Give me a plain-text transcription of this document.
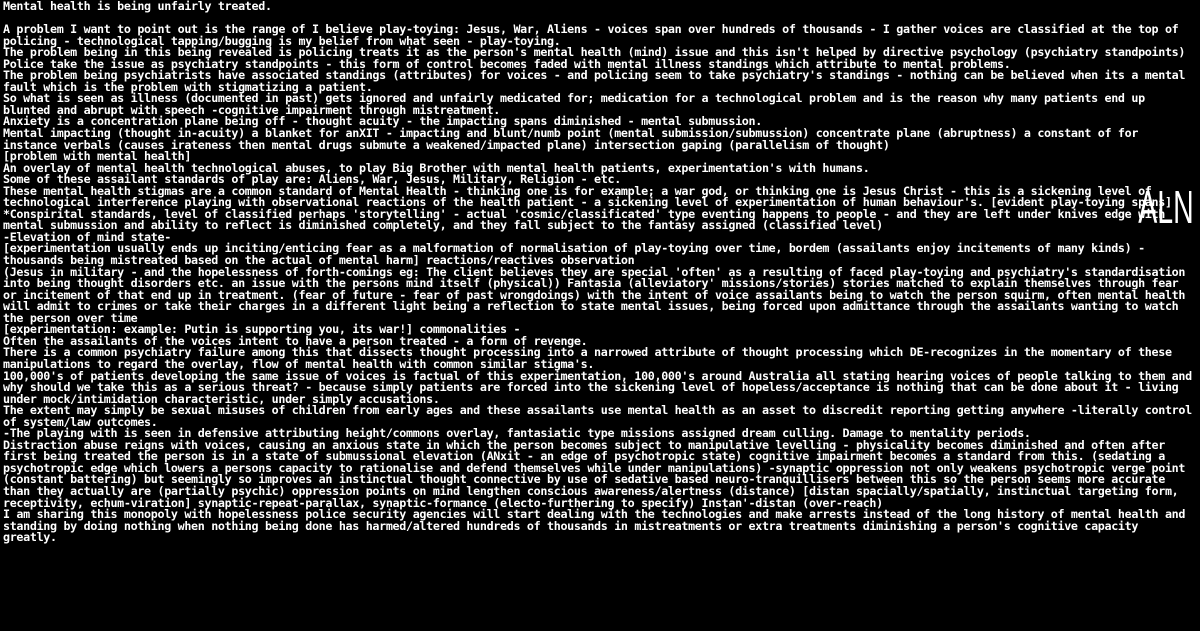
Mental health is being unfairly treated.

A problem I want to point out is the range of I believe play-toying: Jesus, War, Aliens - voices span over hundreds of thousands - I gather voices are classified at the top of policing - technological tapping/bugging is my belief from what seen - play-toying.

The problem being in this being revealed is policing treats it as the person's mental health (mind) issue and this isn't helped by directive psychology (psychiatry standpoints)

Police take the issue as psychiatry standpoints - this form of control becomes faded with mental illness standings which attribute to mental problems.

The problem being psychiatrists have associated standings (attributes) for voices - and policing seem to take psychiatry's standings - nothing can be believed when its a mental fault which is the problem with stigmatizing a patient.

So what is seen as illness (documented in past) gets ignored and unfairly medicated for; medication for a technological problem and is the reason why many patients end up blunted and abrupt with speech -cognitive impairment through mistreatment.

Anxiety is a concentration plane being off - thought acuity - the impacting spans diminished - mental submussion.

Mental impacting (thought in-acuity) a blanket for anXIT - impacting and blunt/numb point (mental submission/submussion) concentrate plane (abruptness) a constant of for instance verbals (causes irateness then mental drugs submute a weakened/impacted plane) intersection gaping (parallelism of thought)

[problem with mental health]

An overlay of mental health technological abuses, to play Big Brother with mental health patients, experimentation's with humans.

Some of these assailant standards of play are: Aliens, War, Jesus, Military, Religion - etc.

These mental health stigmas are a common standard of Mental Health - thinking one is for example; a war god, or thinking one is Jesus Christ - this is a sickening level of technological interference playing with observational reactions of the health patient - a sickening level of experimentation of human behaviour's. [evident play-toying spans]

*Conspirital standards, level of classified perhaps 'storytelling' - actual 'cosmic/classificated' type eventing happens to people - and they are left under knives edge with mental submussion and ability to reflect is diminished completely, and they fall subject to the fantasy assigned (classified level)

-Elevation of mind state-

[experimentation usually ends up inciting/enticing fear as a malformation of normalisation of play-toying over time, bordem (assailants enjoy incitements of many kinds) - thousands being mistreated based on the actual of mental harm] reactions/reactives observation

(Jesus in military - and the hopelessness of forth-comings eg: The client believes they are special 'often' as a resulting of faced play-toying and psychiatry's standardisation into being thought disorders etc. an issue with the persons mind itself (physical)) Fantasia (alleviatory' missions/stories) stories matched to explain themselves through fear or incitement of that end up in treatment. (fear of future - fear of past wrongdoings) with the intent of voice assailants being to watch the person squirm, often mental health will admit to crimes or take their charges in a different light being a reflection to state mental issues, being forced upon admittance through the assailants wanting to watch the person over time

[experimentation: example: Putin is supporting you, its war!] commonalities -

Often the assailants of the voices intent to have a person treated - a form of revenge.

There is a common psychiatry failure among this that dissects thought processing into a narrowed attribute of thought processing which DE-recognizes in the momentary of these manipulations to regard the overlay, flow of mental health with common similar stigma's.

100,000's of patients developing the same issue of voices is factual of this experimentation, 100,000's around Australia all stating hearing voices of people talking to them and why should we take this as a serious threat? - because simply patients are forced into the sickening level of hopeless/acceptance is nothing that can be done about it - living under mock/intimidation characteristic, under simply accusations.

The extent may simply be sexual misuses of children from early ages and these assailants use mental health as an asset to discredit reporting getting anywhere -literally control of system/law outcomes.

-The playing with is seen in defensive attributing height/commons overlay, fantasiatic type missions assigned dream culling. Damage to mentality periods.

Distraction abuse reigns with voices, causing an anxious state in which the person becomes subject to manipulative levelling - physicality becomes diminished and often after first being treated the person is in a state of submussional elevation (ANxit - an edge of psychotropic state) cognitive impairment becomes a standard from this. (sedating a psychotropic edge which lowers a persons capacity to rationalise and defend themselves while under manipulations) -synaptic oppression not only weakens psychotropic verge point (constant battering) but seemingly so improves an instinctual thought connective by use of sedative based neuro-tranquillisers between this so the person seems more accurate than they actually are (partially psychic) oppression points on mind lengthen conscious awareness/alertness (distance) [distan spacially/spatially, instinctual targeting form, receptivity, echum-viration] synaptic-repeat-parallax, synaptic-formance (electo-furthering to specify) Instan'-distan (over-reach)

I am sharing this monopoly with hopelessness police security agencies will start dealing with the technologies and make arrests instead of the long history of mental health and standing by doing nothing when nothing being done has harmed/altered hundreds of thousands in mistreatments or extra treatments diminishing a person's cognitive capacity greatly.

ALN
